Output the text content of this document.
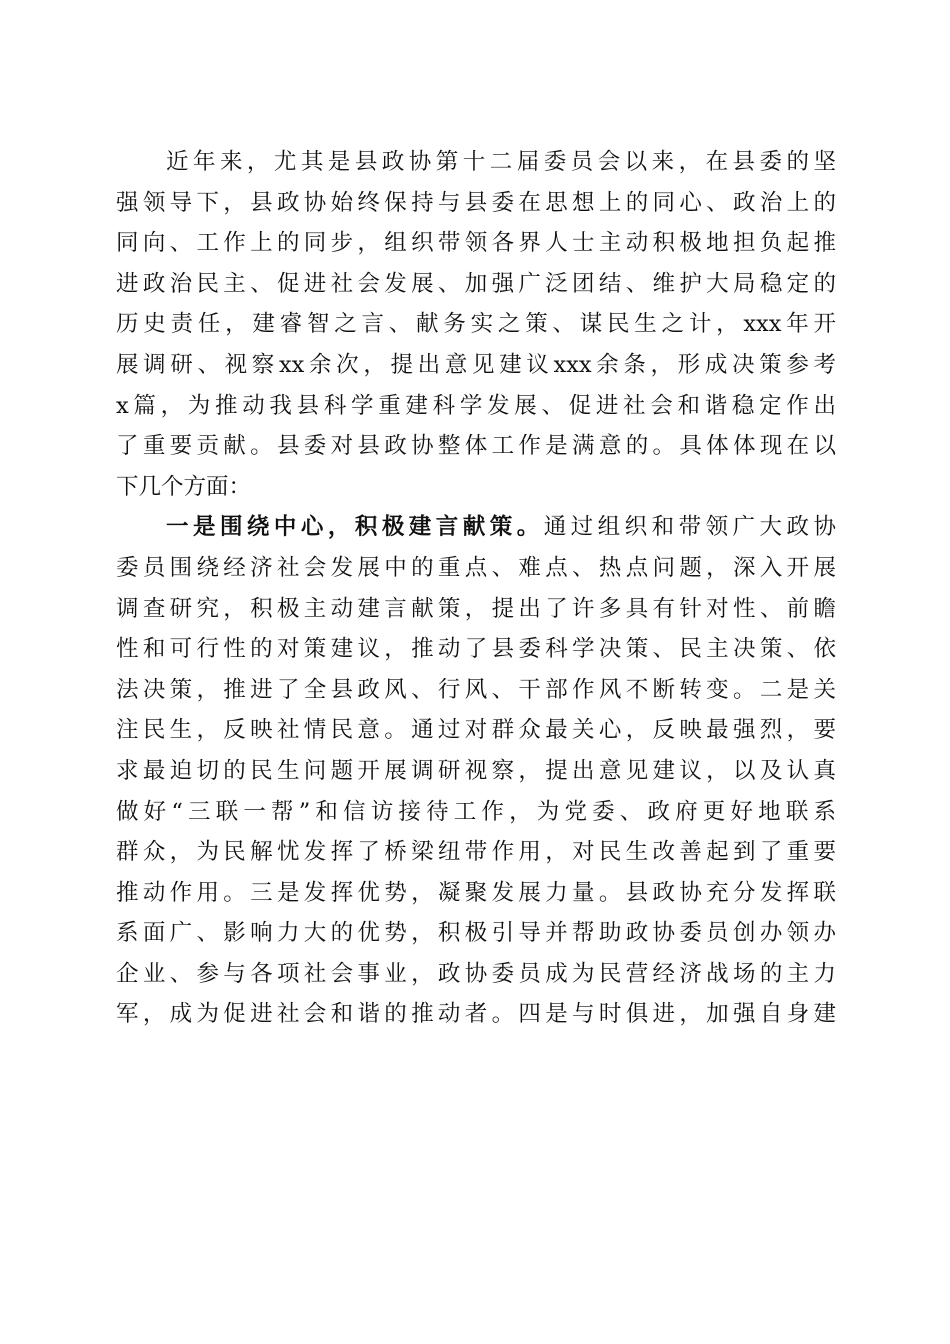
近年来，尤其是县政协第十二届委员会以来，在县委的坚
强领导下，县政协始终保持与县委在思想上的同心、政治上的
同向、工作上的同步，组织带领各界人士主动积极地担负起推
进政治民主、促进社会发展、加强广泛团结、维护大局稳定的
历史责任，建睿智之言、献务实之策、谋民生之计，xxx年开
展调研、视察xx余次，提出意见建议xxx余条，形成决策参考
x篇，为推动我县科学重建科学发展、促进社会和谐稳定作出
了重要贡献。县委对县政协整体工作是满意的。具体体现在以
下几个方面：
一是围绕中心，积极建言献策。通过组织和带领广大政协
委员围绕经济社会发展中的重点、难点、热点问题，深入开展
调查研究，积极主动建言献策，提出了许多具有针对性、前瞻
性和可行性的对策建议，推动了县委科学决策、民主决策、依
法决策，推进了全县政风、行风、干部作风不断转变。二是关
注民生，反映社情民意。通过对群众最关心，反映最强烈，要
求最迫切的民生问题开展调研视察，提出意见建议，以及认真
做好“三联一帮”和信访接待工作，为党委、政府更好地联系
群众，为民解忧发挥了桥梁纽带作用，对民生改善起到了重要
推动作用。三是发挥优势，凝聚发展力量。县政协充分发挥联
系面广、影响力大的优势，积极引导并帮助政协委员创办领办
企业、参与各项社会事业，政协委员成为民营经济战场的主力
军，成为促进社会和谐的推动者。四是与时俱进，加强自身建
